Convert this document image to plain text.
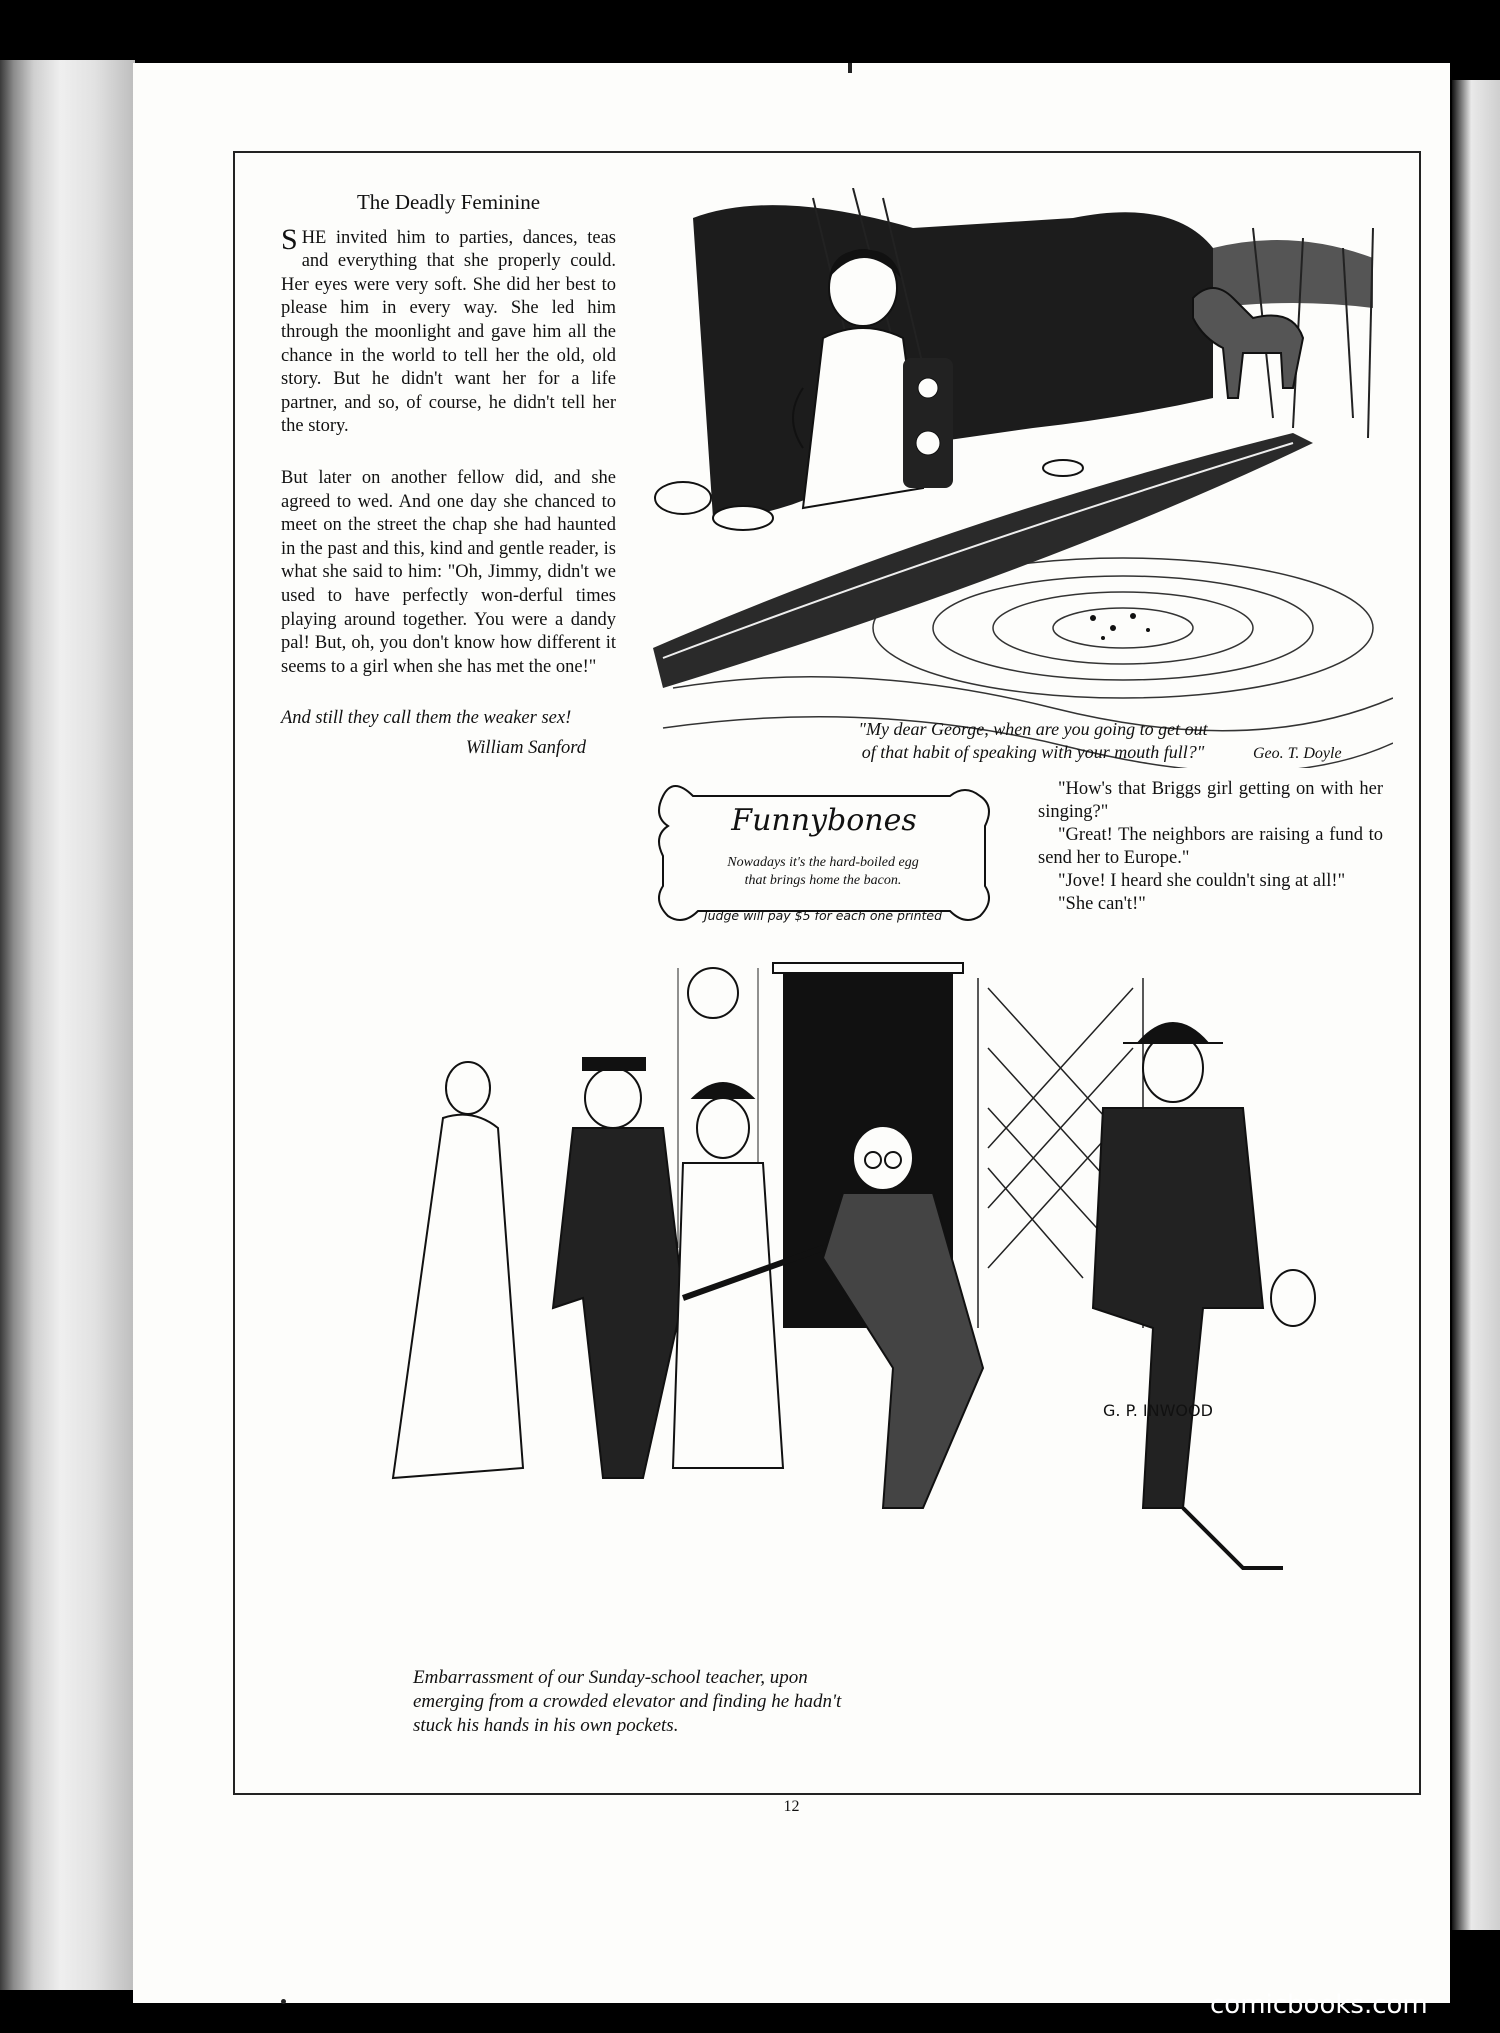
The Deadly Feminine

SHE invited him to parties, dances, teas and everything that she properly could. Her eyes were very soft. She did her best to please him in every way. She led him through the moonlight and gave him all the chance in the world to tell her the old, old story. But he didn't want her for a life partner, and so, of course, he didn't tell her the story.

But later on another fellow did, and she agreed to wed. And one day she chanced to meet on the street the chap she had haunted in the past and this, kind and gentle reader, is what she said to him: "Oh, Jimmy, didn't we used to have perfectly won-derful times playing around together. You were a dandy pal! But, oh, you don't know how different it seems to a girl when she has met the one!"

And still they call them the weaker sex!

William Sanford	Geo. T. Doyle
"My dear George, when are you going to get out
of that habit of speaking with your mouth full?"
Funnybones
Nowadays it's the hard-boiled egg
that brings home the bacon.
Judge will pay $5 for each one printed

"How's that Briggs girl getting on with her singing?"

"Great! The neighbors are raising a fund to send her to Europe."

"Jove! I heard she couldn't sing at all!"

"She can't!"

G. P. INWOOD
Embarrassment of our Sunday-school teacher, upon
emerging from a crowded elevator and finding he hadn't
stuck his hands in his own pockets.
12
comicbooks.com
